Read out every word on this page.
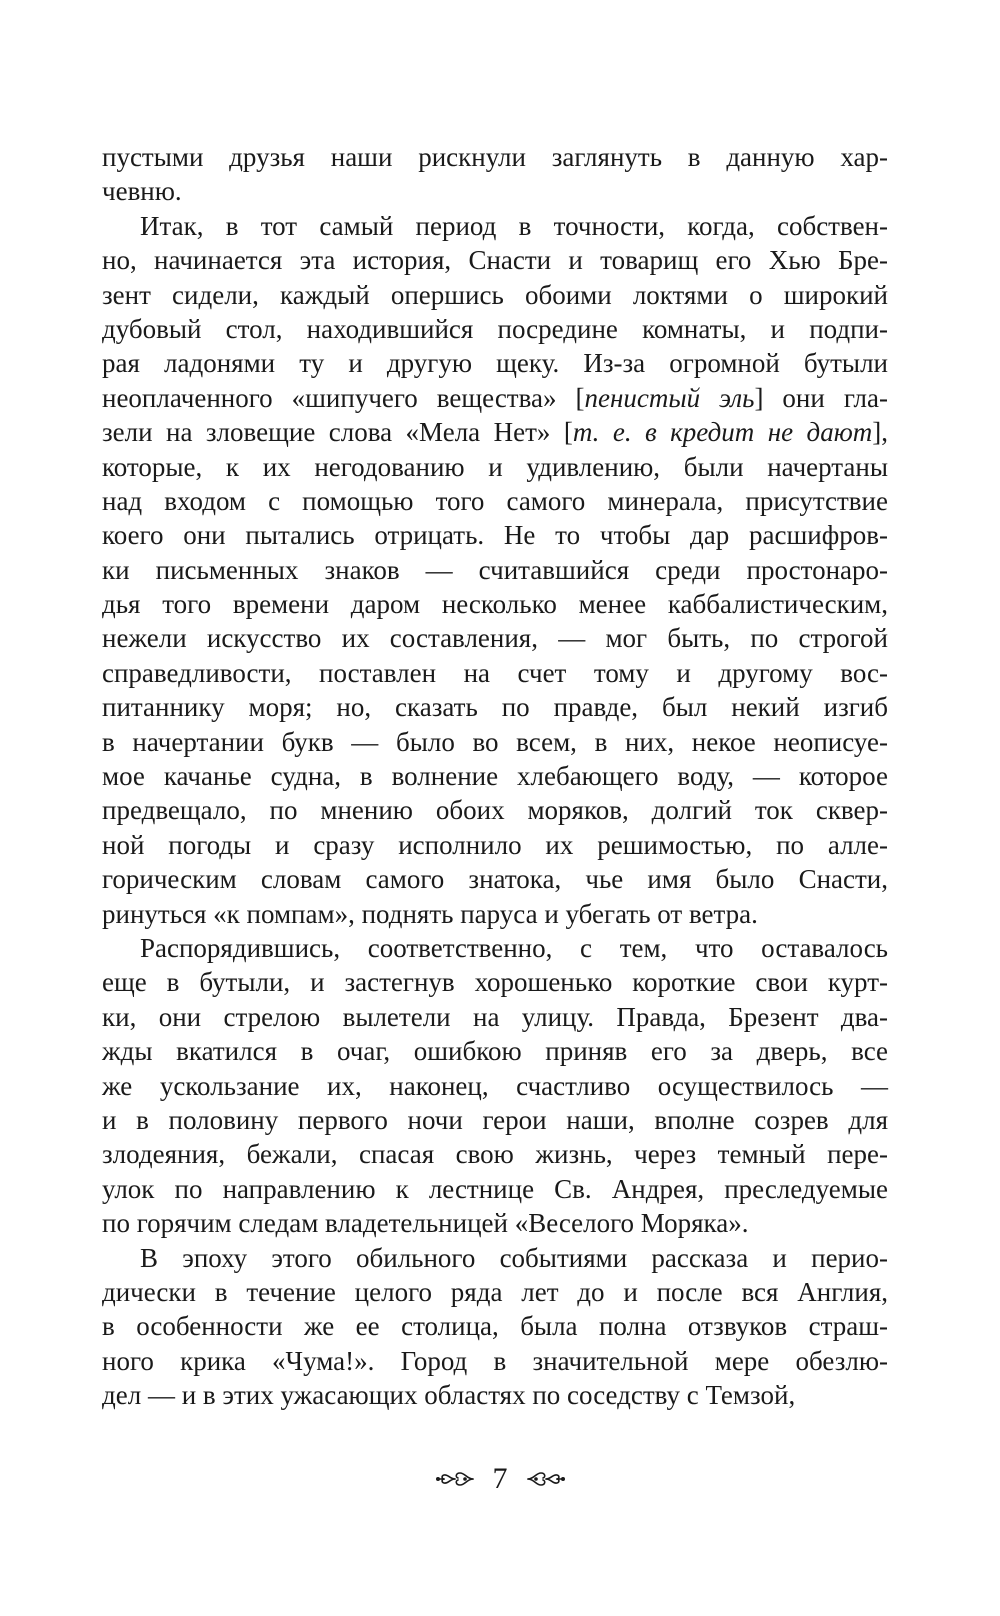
пустыми друзья наши рискнули заглянуть в данную хар-
чевню.
Итак, в тот самый период в точности, когда, собствен-
но, начинается эта история, Снасти и товарищ его Хью Бре-
зент сидели, каждый опершись обоими локтями о широкий
дубовый стол, находившийся посредине комнаты, и подпи-
рая ладонями ту и другую щеку. Из-за огромной бутыли
неоплаченного «шипучего вещества» [пенистый эль] они гла-
зели на зловещие слова «Мела Нет» [т. е. в кредит не дают],
которые, к их негодованию и удивлению, были начертаны
над входом с помощью того самого минерала, присутствие
коего они пытались отрицать. Не то чтобы дар расшифров-
ки письменных знаков — считавшийся среди простонаро-
дья того времени даром несколько менее каббалистическим,
нежели искусство их составления, — мог быть, по строгой
справедливости, поставлен на счет тому и другому вос-
питаннику моря; но, сказать по правде, был некий изгиб
в начертании букв — было во всем, в них, некое неописуе-
мое качанье судна, в волнение хлебающего воду, — которое
предвещало, по мнению обоих моряков, долгий ток сквер-
ной погоды и сразу исполнило их решимостью, по алле-
горическим словам самого знатока, чье имя было Снасти,
ринуться «к помпам», поднять паруса и убегать от ветра.
Распорядившись, соответственно, с тем, что оставалось
еще в бутыли, и застегнув хорошенько короткие свои курт-
ки, они стрелою вылетели на улицу. Правда, Брезент два-
жды вкатился в очаг, ошибкою приняв его за дверь, все
же ускользание их, наконец, счастливо осуществилось —
и в половину первого ночи герои наши, вполне созрев для
злодеяния, бежали, спасая свою жизнь, через темный пере-
улок по направлению к лестнице Св. Андрея, преследуемые
по горячим следам владетельницей «Веселого Моряка».
В эпоху этого обильного событиями рассказа и перио-
дически в течение целого ряда лет до и после вся Англия,
в особенности же ее столица, была полна отзвуков страш-
ного крика «Чума!». Город в значительной мере обезлю-
дел — и в этих ужасающих областях по соседству с Темзой,
7
